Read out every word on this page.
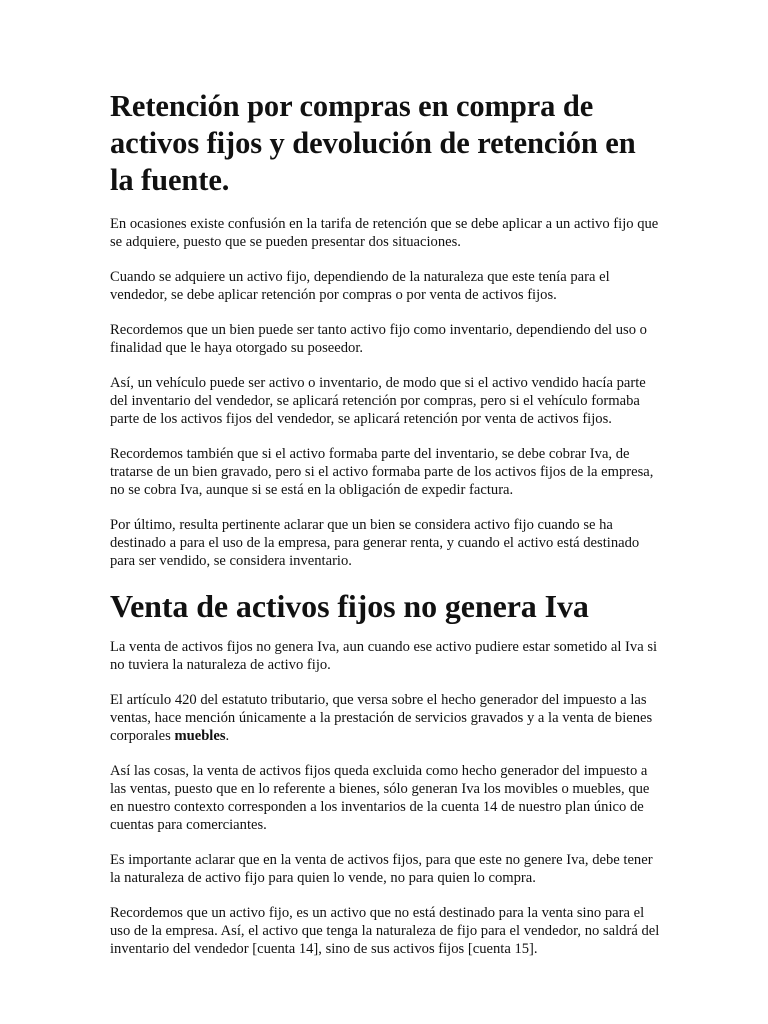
Retención por compras en compra de activos fijos y devolución de retención en la fuente.

En ocasiones existe confusión en la tarifa de retención que se debe aplicar a un activo fijo que se adquiere, puesto que se pueden presentar dos situaciones.

Cuando se adquiere un activo fijo, dependiendo de la naturaleza que este tenía para el vendedor, se debe aplicar retención por compras o por venta de activos fijos.

Recordemos que un bien puede ser tanto activo fijo como inventario, dependiendo del uso o finalidad que le haya otorgado su poseedor.

Así, un vehículo puede ser activo o inventario, de modo que si el activo vendido hacía parte del inventario del vendedor, se aplicará retención por compras, pero si el vehículo formaba parte de los activos fijos del vendedor, se aplicará retención por venta de activos fijos.

Recordemos también que si el activo formaba parte del inventario, se debe cobrar Iva, de tratarse de un bien gravado, pero si el activo formaba parte de los activos fijos de la empresa, no se cobra Iva, aunque si se está en la obligación de expedir factura.

Por último, resulta pertinente aclarar que un bien se considera activo fijo cuando se ha destinado a para el uso de la empresa, para generar renta, y cuando el activo está destinado para ser vendido, se considera inventario.

Venta de activos fijos no genera Iva

La venta de activos fijos no genera Iva, aun cuando ese activo pudiere estar sometido al Iva si no tuviera la naturaleza de activo fijo.

El artículo 420 del estatuto tributario, que versa sobre el hecho generador del impuesto a las ventas, hace mención únicamente a la prestación de servicios gravados y a la venta de bienes corporales muebles.

Así las cosas, la venta de activos fijos queda excluida como hecho generador del impuesto a las ventas, puesto que en lo referente a bienes, sólo generan Iva los movibles o muebles, que en nuestro contexto corresponden a los inventarios de la cuenta 14 de nuestro plan único de cuentas para comerciantes.

Es importante aclarar que en la venta de activos fijos, para que este no genere Iva, debe tener la naturaleza de activo fijo para quien lo vende, no para quien lo compra.

Recordemos que un activo fijo, es un activo que no está destinado para la venta sino para el uso de la empresa. Así, el activo que tenga la naturaleza de fijo para el vendedor, no saldrá del inventario del vendedor [cuenta 14], sino de sus activos fijos [cuenta 15].
